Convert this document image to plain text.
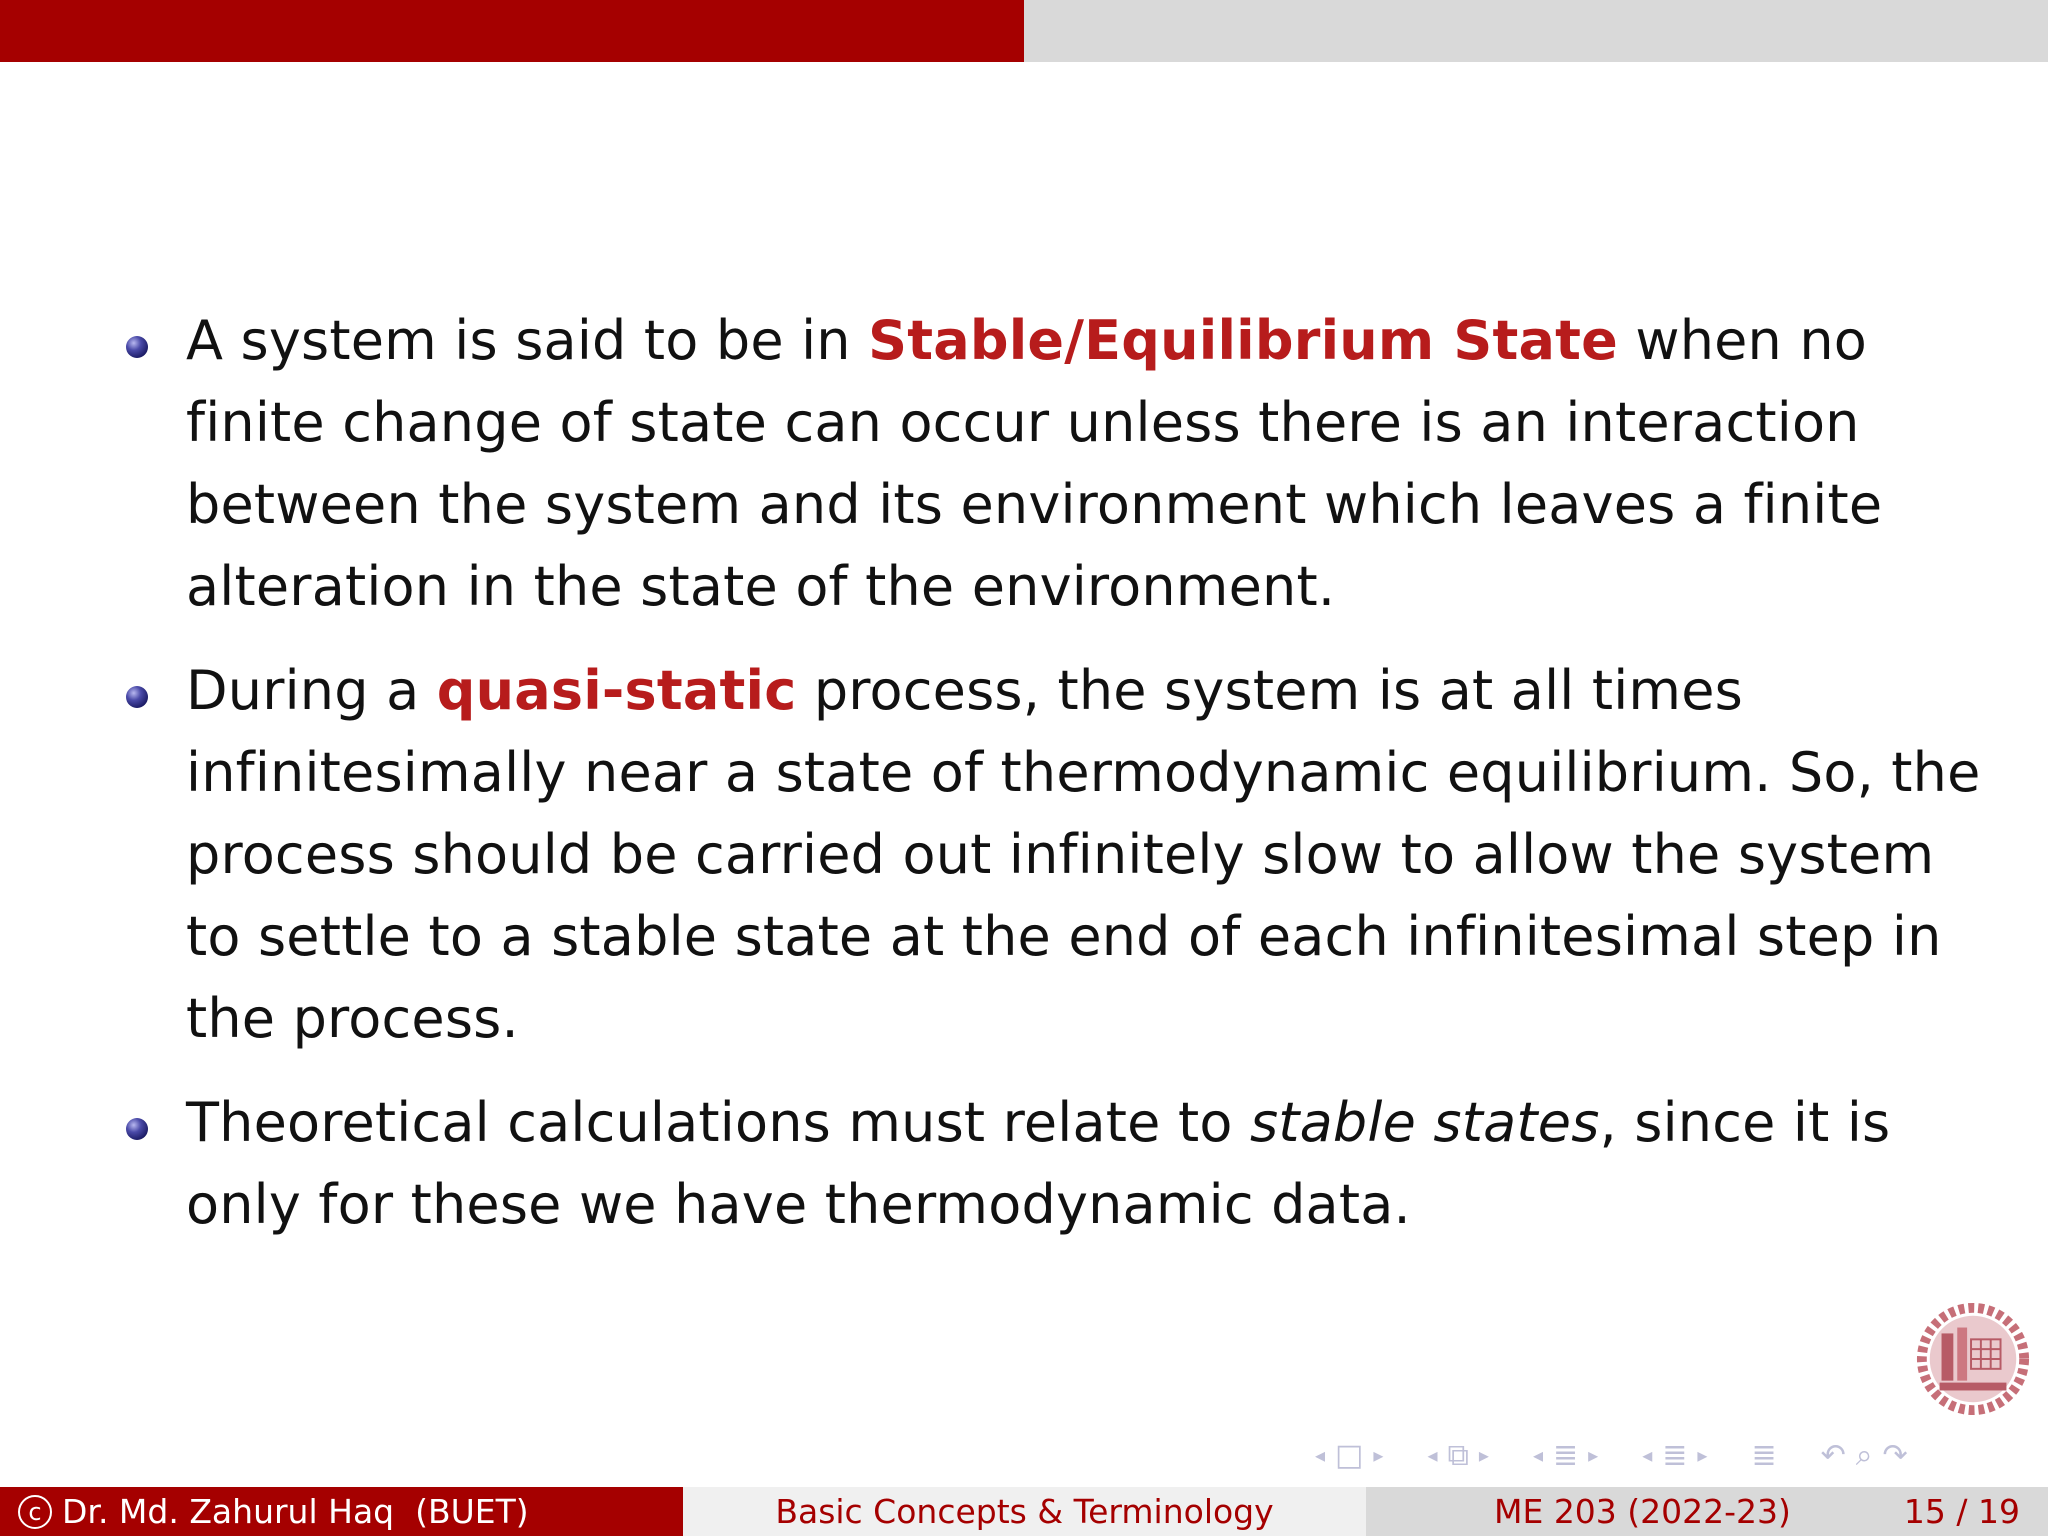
A system is said to be in Stable/Equilibrium State when no finite change of state can occur unless there is an interaction between the system and its environment which leaves a finite alteration in the state of the environment.
During a quasi-static process, the system is at all times infinitesimally near a state of thermodynamic equilibrium. So, the process should be carried out infinitely slow to allow the system to settle to a stable state at the end of each infinitesimal step in the process.
Theoretical calculations must relate to stable states, since it is only for these we have thermodynamic data.
◂ □ ▸ ◂ ⧉ ▸ ◂ ≣ ▸ ◂ ≣ ▸ ≣ ↶ ⌕ ↷
c Dr. Md. Zahurul Haq  (BUET)	Basic Concepts & Terminology	ME 203 (2022-23)	15 / 19
